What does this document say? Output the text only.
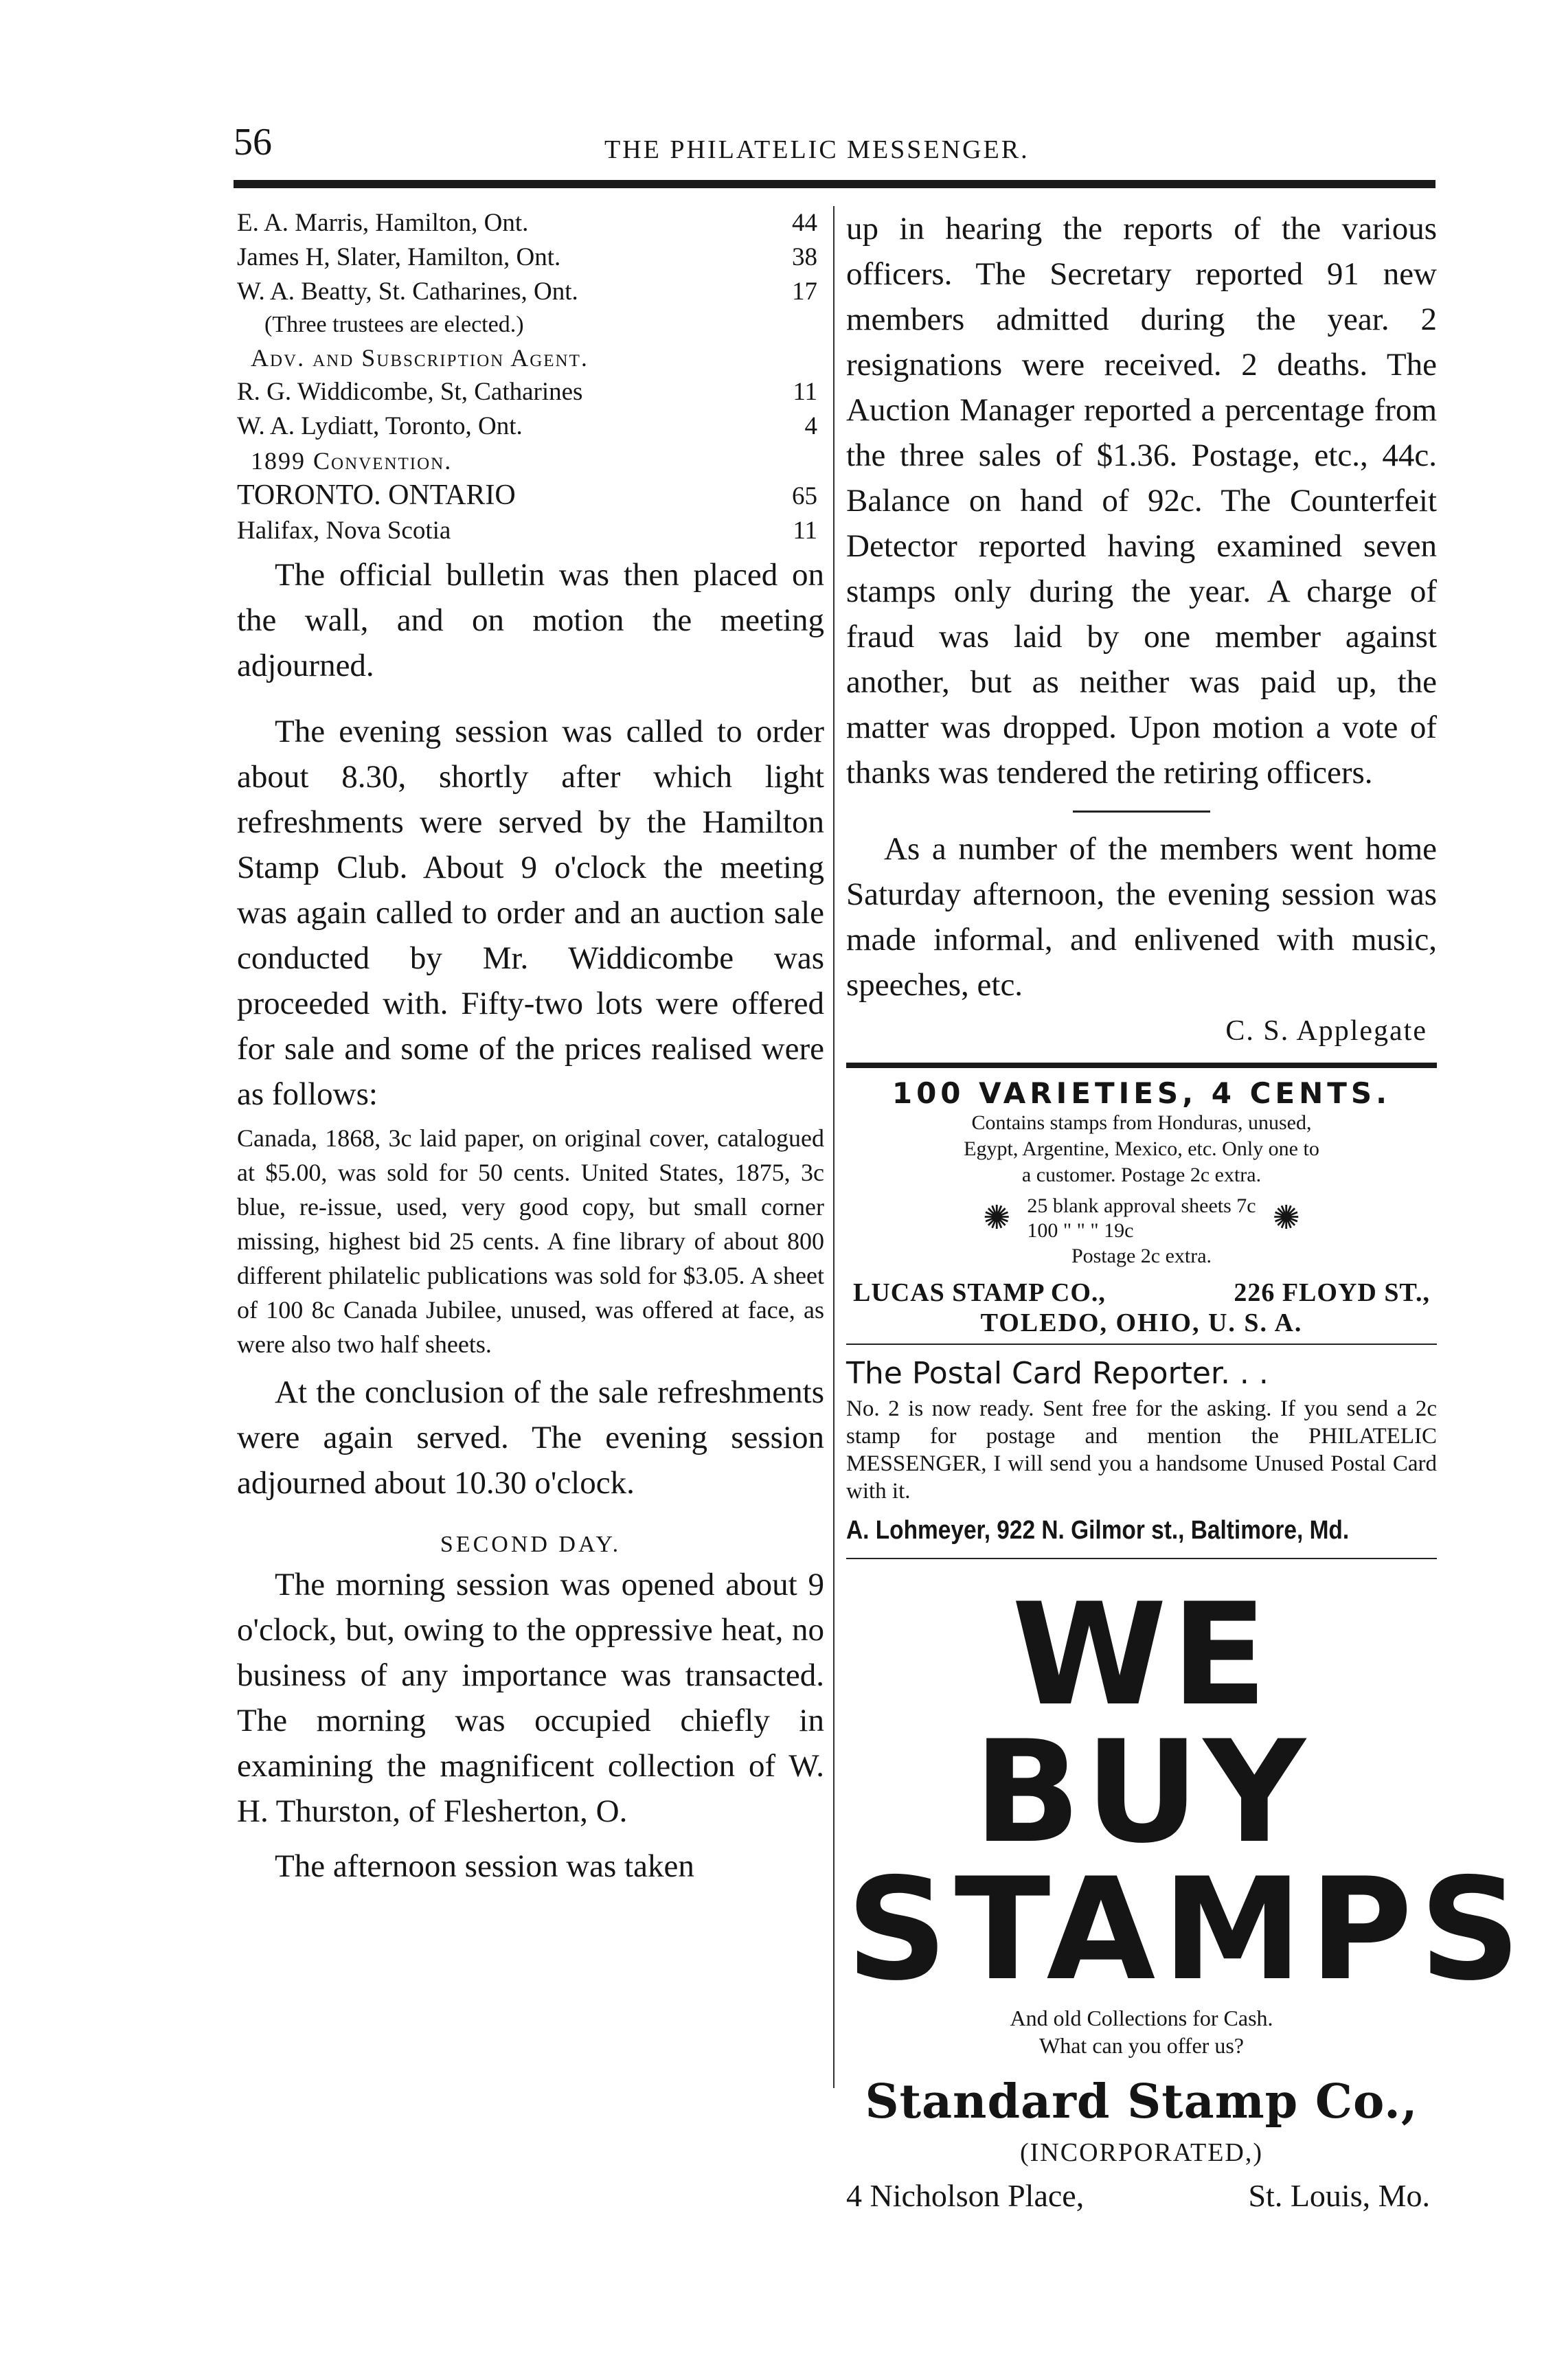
56	THE PHILATELIC MESSENGER.
E. A. Marris, Hamilton, Ont.	44
James H, Slater, Hamilton, Ont.	38
W. A. Beatty, St. Catharines, Ont.	17
(Three trustees are elected.)
Adv. and Subscription Agent.
R. G. Widdicombe, St, Catharines	11
W. A. Lydiatt, Toronto, Ont.	4
1899 Convention.
TORONTO. ONTARIO	65
Halifax, Nova Scotia	11

The official bulletin was then placed on the wall, and on motion the meeting adjourned.

The evening session was called to order about 8.30, shortly after which light refreshments were served by the Hamilton Stamp Club. About 9 o'clock the meeting was again called to order and an auction sale conducted by Mr. Widdicombe was proceeded with. Fifty-two lots were offered for sale and some of the prices realised were as follows:

Canada, 1868, 3c laid paper, on original cover, catalogued at $5.00, was sold for 50 cents. United States, 1875, 3c blue, re-issue, used, very good copy, but small corner missing, highest bid 25 cents. A fine library of about 800 different philatelic publications was sold for $3.05. A sheet of 100 8c Canada Jubilee, unused, was offered at face, as were also two half sheets.

At the conclusion of the sale refreshments were again served. The evening session adjourned about 10.30 o'clock.

SECOND DAY.

The morning session was opened about 9 o'clock, but, owing to the oppressive heat, no business of any importance was transacted. The morning was occupied chiefly in examining the magnificent collection of W. H. Thurston, of Flesherton, O.

The afternoon session was taken

up in hearing the reports of the various officers. The Secretary reported 91 new members admitted during the year. 2 resignations were received. 2 deaths. The Auction Manager reported a percentage from the three sales of $1.36. Postage, etc., 44c. Balance on hand of 92c. The Counterfeit Detector reported having examined seven stamps only during the year. A charge of fraud was laid by one member against another, but as neither was paid up, the matter was dropped. Upon motion a vote of thanks was tendered the retiring officers.

As a number of the members went home Saturday afternoon, the evening session was made informal, and enlivened with music, speeches, etc.

C. S. Applegate
100 VARIETIES, 4 CENTS.
Contains stamps from Honduras, unused,
Egypt, Argentine, Mexico, etc. Only one to
a customer. Postage 2c extra.
✺ 25 blank approval sheets 7c
100 " " " 19c	✺
Postage 2c extra.
LUCAS STAMP CO.,	226 FLOYD ST.,
TOLEDO, OHIO, U. S. A.
The Postal Card Reporter. . .
No. 2 is now ready. Sent free for the asking. If you send a 2c stamp for postage and mention the PHILATELIC MESSENGER, I will send you a handsome Unused Postal Card with it.
A. Lohmeyer, 922 N. Gilmor st., Baltimore, Md.
WE BUY
STAMPS
And old Collections for Cash.
What can you offer us?
Standard Stamp Co.,
(INCORPORATED,)
4 Nicholson Place,	St. Louis, Mo.
